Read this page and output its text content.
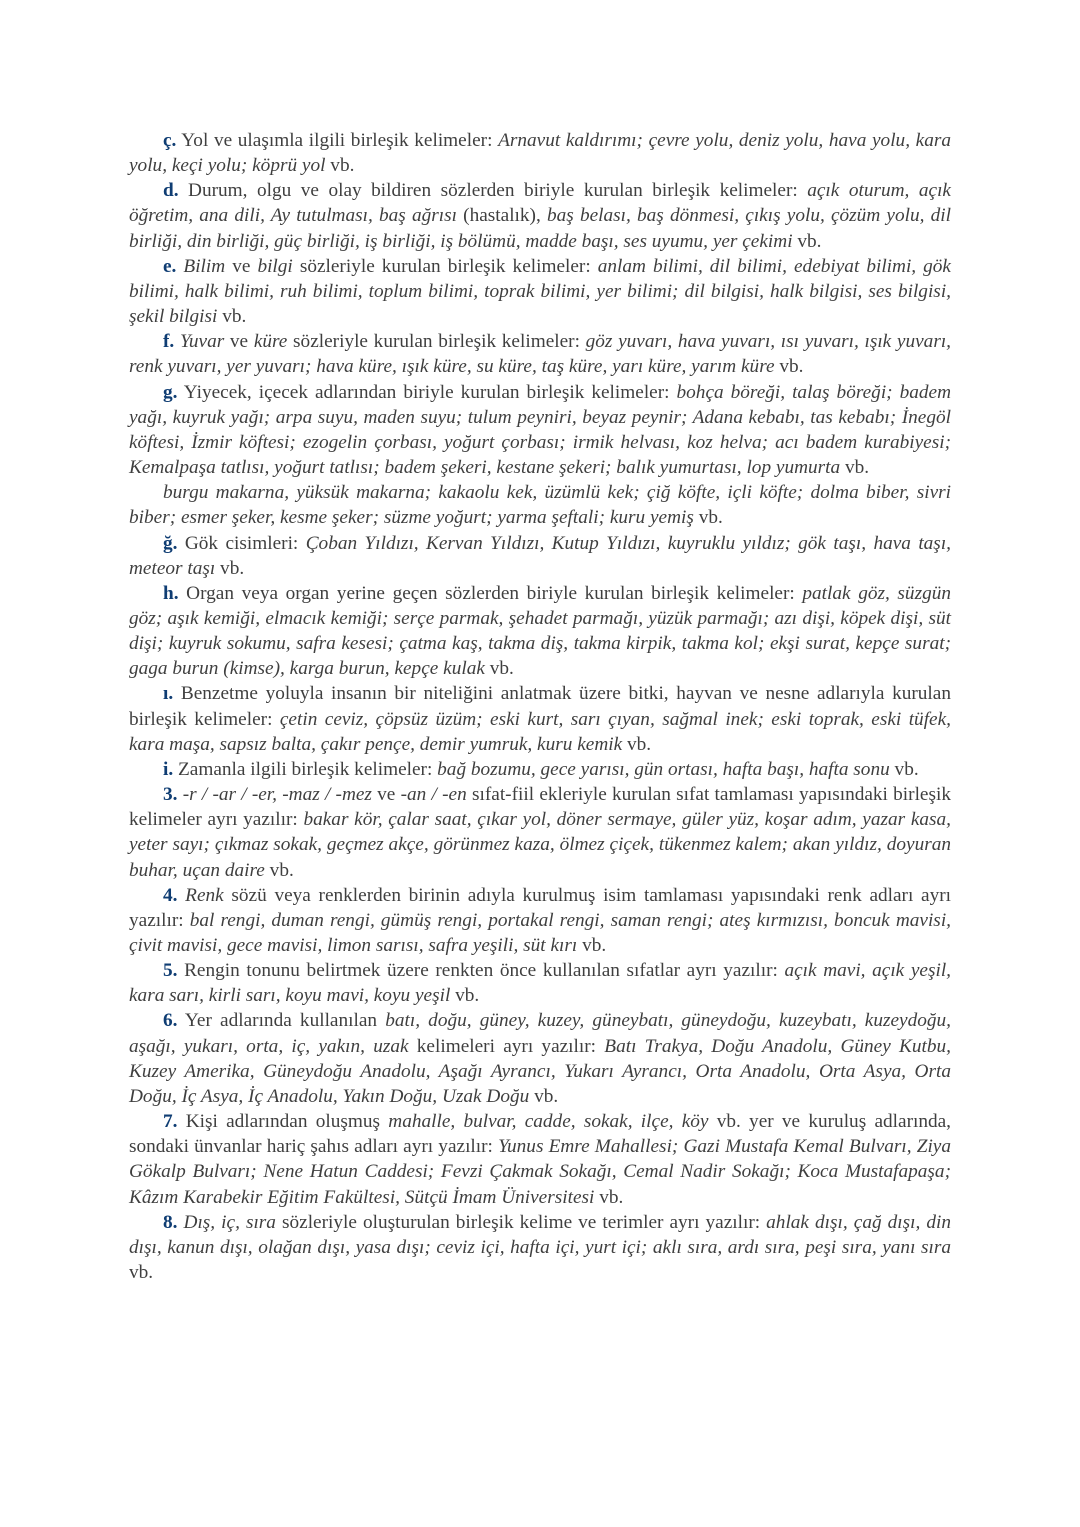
ç. Yol ve ulaşımla ilgili birleşik kelimeler: Arnavut kaldırımı; çevre yolu, deniz yolu, hava yolu, kara yolu, keçi yolu; köprü yol vb.

d. Durum, olgu ve olay bildiren sözlerden biriyle kurulan birleşik kelimeler: açık oturum, açık öğretim, ana dili, Ay tutulması, baş ağrısı (hastalık), baş belası, baş dönmesi, çıkış yolu, çözüm yolu, dil birliği, din birliği, güç birliği, iş birliği, iş bölümü, madde başı, ses uyumu, yer çekimi vb.

e. Bilim ve bilgi sözleriyle kurulan birleşik kelimeler: anlam bilimi, dil bilimi, edebiyat bilimi, gök bilimi, halk bilimi, ruh bilimi, toplum bilimi, toprak bilimi, yer bilimi; dil bilgisi, halk bilgisi, ses bilgisi, şekil bilgisi vb.

f. Yuvar ve küre sözleriyle kurulan birleşik kelimeler: göz yuvarı, hava yuvarı, ısı yuvarı, ışık yuvarı, renk yuvarı, yer yuvarı; hava küre, ışık küre, su küre, taş küre, yarı küre, yarım küre vb.

g. Yiyecek, içecek adlarından biriyle kurulan birleşik kelimeler: bohça böreği, talaş böreği; badem yağı, kuyruk yağı; arpa suyu, maden suyu; tulum peyniri, beyaz peynir; Adana kebabı, tas kebabı; İnegöl köftesi, İzmir köftesi; ezogelin çorbası, yoğurt çorbası; irmik helvası, koz helva; acı badem kurabiyesi; Kemalpaşa tatlısı, yoğurt tatlısı; badem şekeri, kestane şekeri; balık yumurtası, lop yumurta vb.

burgu makarna, yüksük makarna; kakaolu kek, üzümlü kek; çiğ köfte, içli köfte; dolma biber, sivri biber; esmer şeker, kesme şeker; süzme yoğurt; yarma şeftali; kuru yemiş vb.

ğ. Gök cisimleri: Çoban Yıldızı, Kervan Yıldızı, Kutup Yıldızı, kuyruklu yıldız; gök taşı, hava taşı, meteor taşı vb.

h. Organ veya organ yerine geçen sözlerden biriyle kurulan birleşik kelimeler: patlak göz, süzgün göz; aşık kemiği, elmacık kemiği; serçe parmak, şehadet parmağı, yüzük parmağı; azı dişi, köpek dişi, süt dişi; kuyruk sokumu, safra kesesi; çatma kaş, takma diş, takma kirpik, takma kol; ekşi surat, kepçe surat; gaga burun (kimse), karga burun, kepçe kulak vb.

ı. Benzetme yoluyla insanın bir niteliğini anlatmak üzere bitki, hayvan ve nesne adlarıyla kurulan birleşik kelimeler: çetin ceviz, çöpsüz üzüm; eski kurt, sarı çıyan, sağmal inek; eski toprak, eski tüfek, kara maşa, sapsız balta, çakır pençe, demir yumruk, kuru kemik vb.

i. Zamanla ilgili birleşik kelimeler: bağ bozumu, gece yarısı, gün ortası, hafta başı, hafta sonu vb.

3. -r / -ar / -er, -maz / -mez ve -an / -en sıfat-fiil ekleriyle kurulan sıfat tamlaması yapısındaki birleşik kelimeler ayrı yazılır: bakar kör, çalar saat, çıkar yol, döner sermaye, güler yüz, koşar adım, yazar kasa, yeter sayı; çıkmaz sokak, geçmez akçe, görünmez kaza, ölmez çiçek, tükenmez kalem; akan yıldız, doyuran buhar, uçan daire vb.

4. Renk sözü veya renklerden birinin adıyla kurulmuş isim tamlaması yapısındaki renk adları ayrı yazılır: bal rengi, duman rengi, gümüş rengi, portakal rengi, saman rengi; ateş kırmızısı, boncuk mavisi, çivit mavisi, gece mavisi, limon sarısı, safra yeşili, süt kırı vb.

5. Rengin tonunu belirtmek üzere renkten önce kullanılan sıfatlar ayrı yazılır: açık mavi, açık yeşil, kara sarı, kirli sarı, koyu mavi, koyu yeşil vb.

6. Yer adlarında kullanılan batı, doğu, güney, kuzey, güneybatı, güneydoğu, kuzeybatı, kuzeydoğu, aşağı, yukarı, orta, iç, yakın, uzak kelimeleri ayrı yazılır: Batı Trakya, Doğu Anadolu, Güney Kutbu, Kuzey Amerika, Güneydoğu Anadolu, Aşağı Ayrancı, Yukarı Ayrancı, Orta Anadolu, Orta Asya, Orta Doğu, İç Asya, İç Anadolu, Yakın Doğu, Uzak Doğu vb.

7. Kişi adlarından oluşmuş mahalle, bulvar, cadde, sokak, ilçe, köy vb. yer ve kuruluş adlarında, sondaki ünvanlar hariç şahıs adları ayrı yazılır: Yunus Emre Mahallesi; Gazi Mustafa Kemal Bulvarı, Ziya Gökalp Bulvarı; Nene Hatun Caddesi; Fevzi Çakmak Sokağı, Cemal Nadir Sokağı; Koca Mustafapaşa; Kâzım Karabekir Eğitim Fakültesi, Sütçü İmam Üniversitesi vb.

8. Dış, iç, sıra sözleriyle oluşturulan birleşik kelime ve terimler ayrı yazılır: ahlak dışı, çağ dışı, din dışı, kanun dışı, olağan dışı, yasa dışı; ceviz içi, hafta içi, yurt içi; aklı sıra, ardı sıra, peşi sıra, yanı sıra vb.
